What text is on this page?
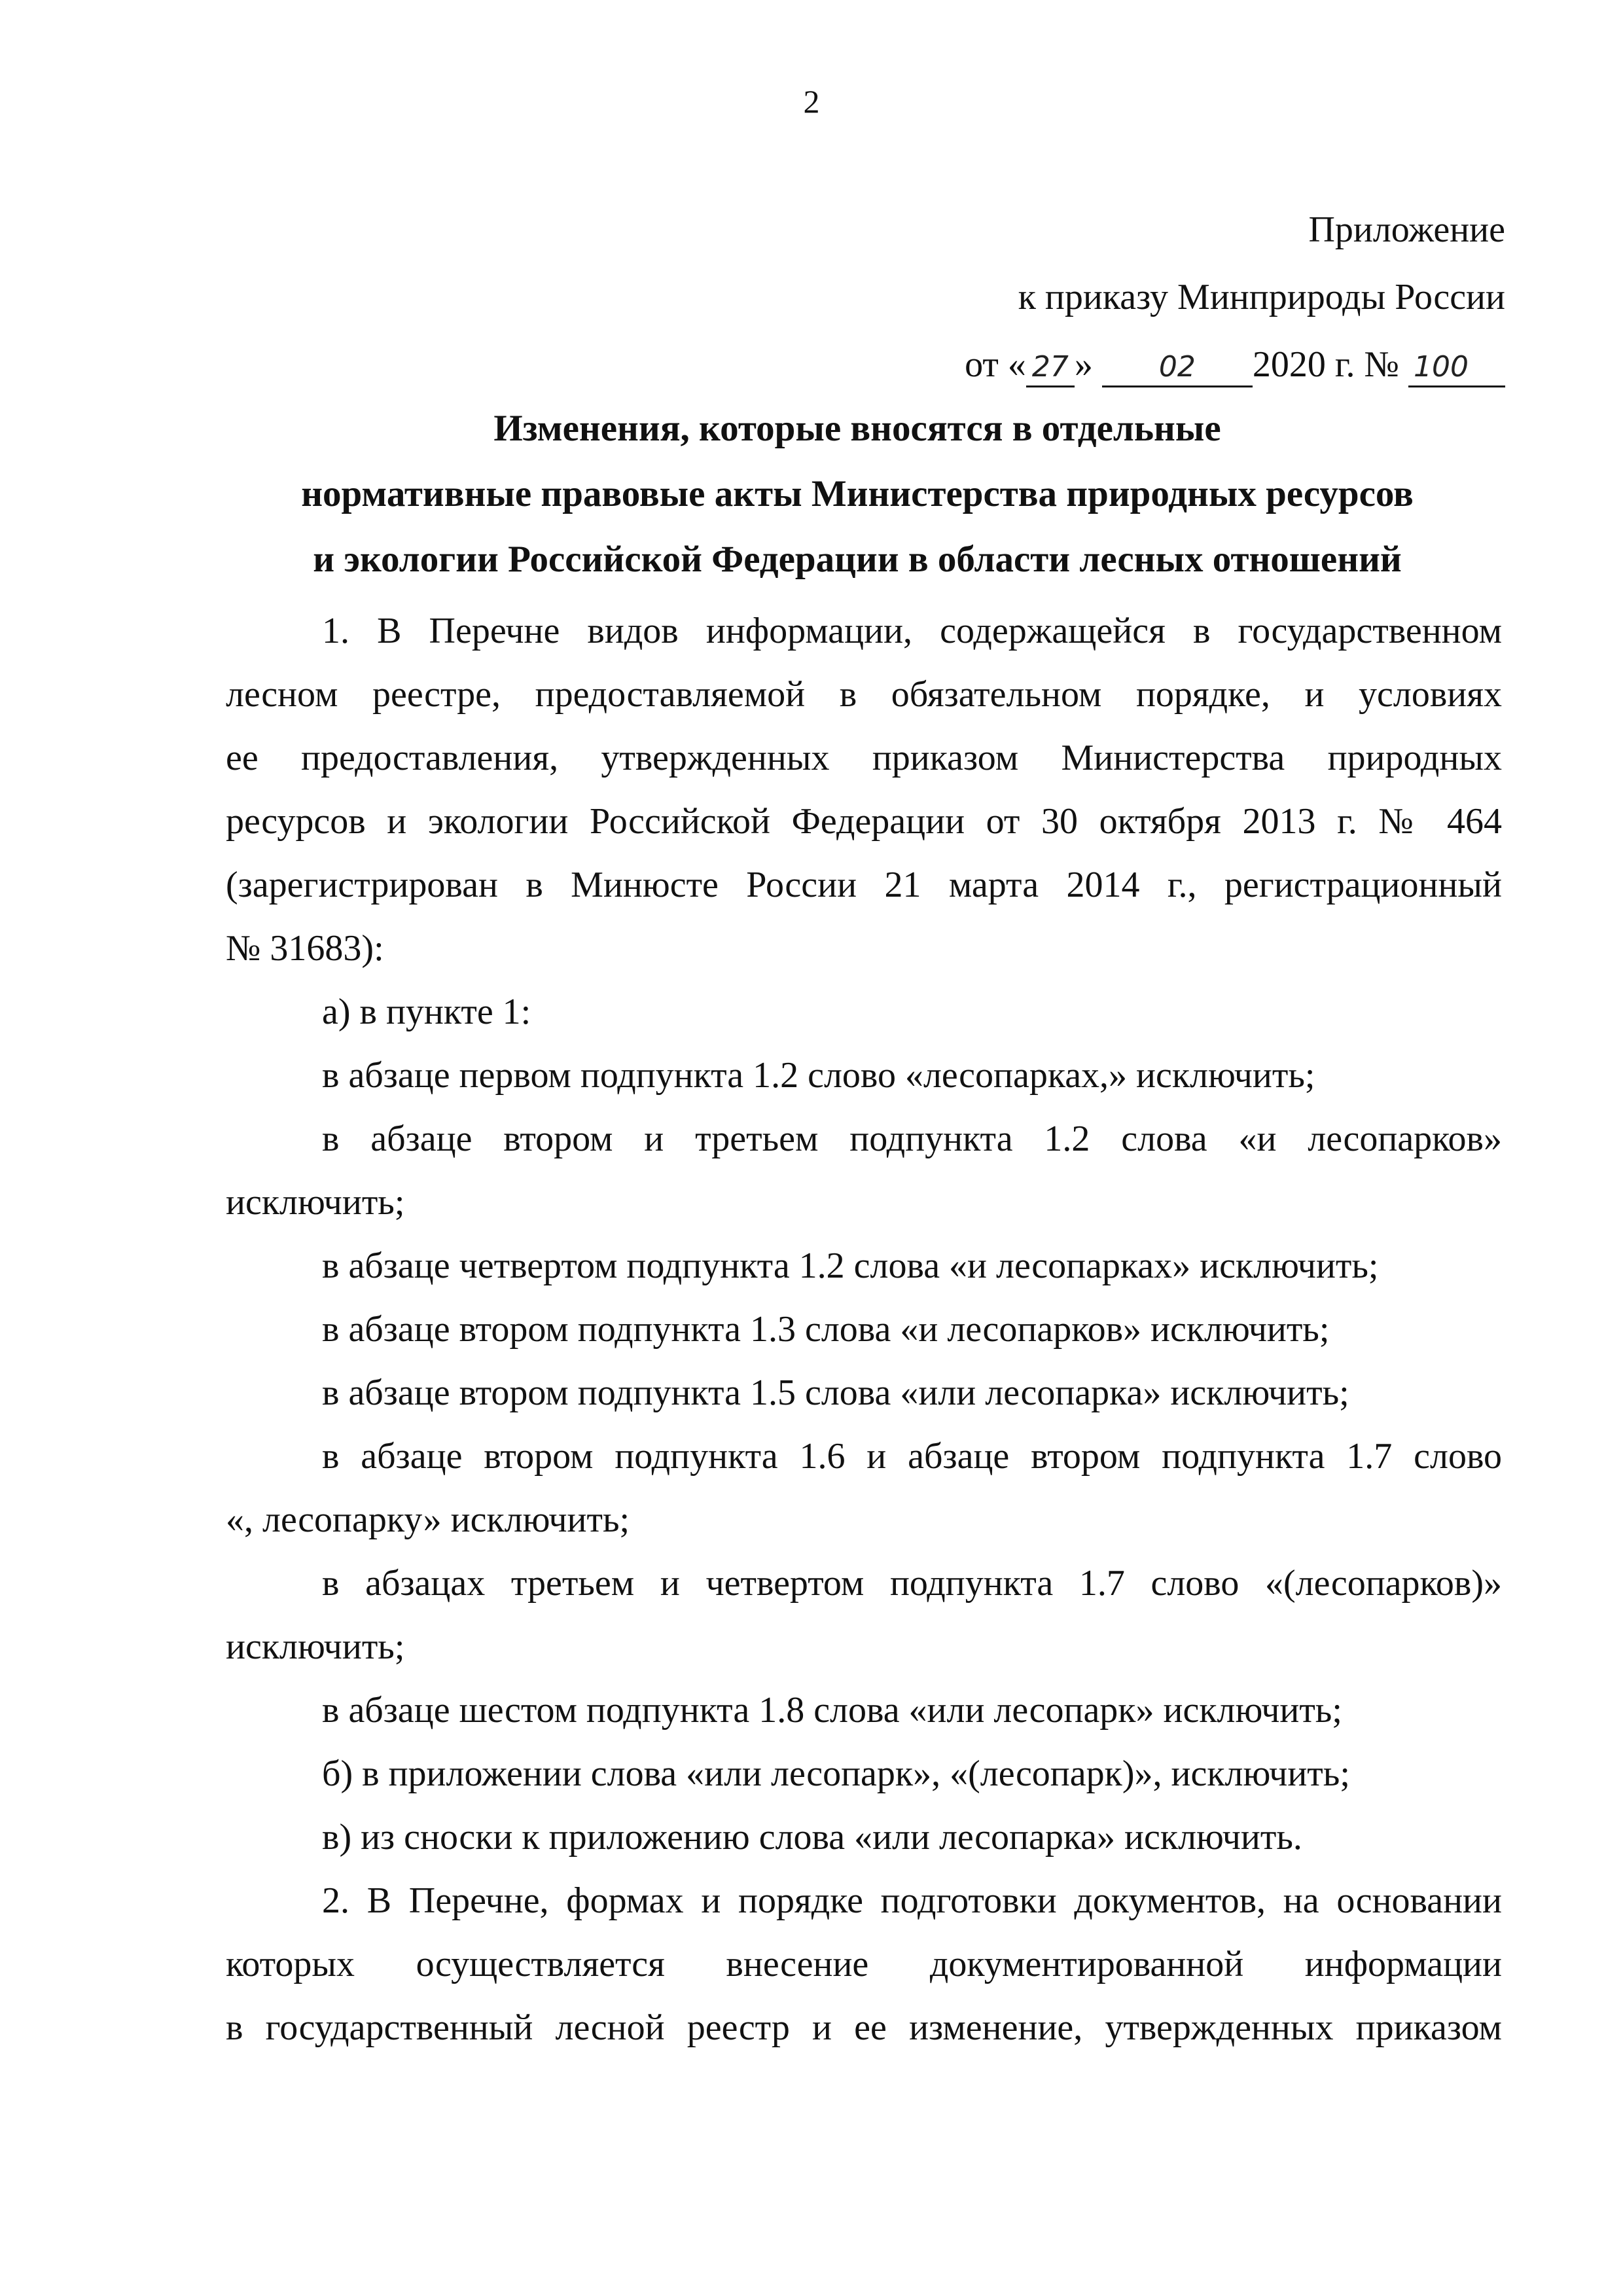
2
Приложение
к приказу Минприроды России
от « 27 » 02 2020 г. № 100
Изменения, которые вносятся в отдельные
нормативные правовые акты Министерства природных ресурсов
и экологии Российской Федерации в области лесных отношений

1. В Перечне видов информации, содержащейся в государственном
лесном реестре, предоставляемой в обязательном порядке, и условиях
ее предоставления, утвержденных приказом Министерства природных
ресурсов и экологии Российской Федерации от 30 октября 2013 г. № 464
(зарегистрирован в Минюсте России 21 марта 2014 г., регистрационный
№ 31683):

а) в пункте 1:

в абзаце первом подпункта 1.2 слово «лесопарках,» исключить;

в абзаце втором и третьем подпункта 1.2 слова «и лесопарков»
исключить;

в абзаце четвертом подпункта 1.2 слова «и лесопарках» исключить;

в абзаце втором подпункта 1.3 слова «и лесопарков» исключить;

в абзаце втором подпункта 1.5 слова «или лесопарка» исключить;

в абзаце втором подпункта 1.6 и абзаце втором подпункта 1.7 слово
«, лесопарку» исключить;

в абзацах третьем и четвертом подпункта 1.7 слово «(лесопарков)»
исключить;

в абзаце шестом подпункта 1.8 слова «или лесопарк» исключить;

б) в приложении слова «или лесопарк», «(лесопарк)», исключить;

в) из сноски к приложению слова «или лесопарка» исключить.

2. В Перечне, формах и порядке подготовки документов, на основании
которых осуществляется внесение документированной информации
в государственный лесной реестр и ее изменение, утвержденных приказом
